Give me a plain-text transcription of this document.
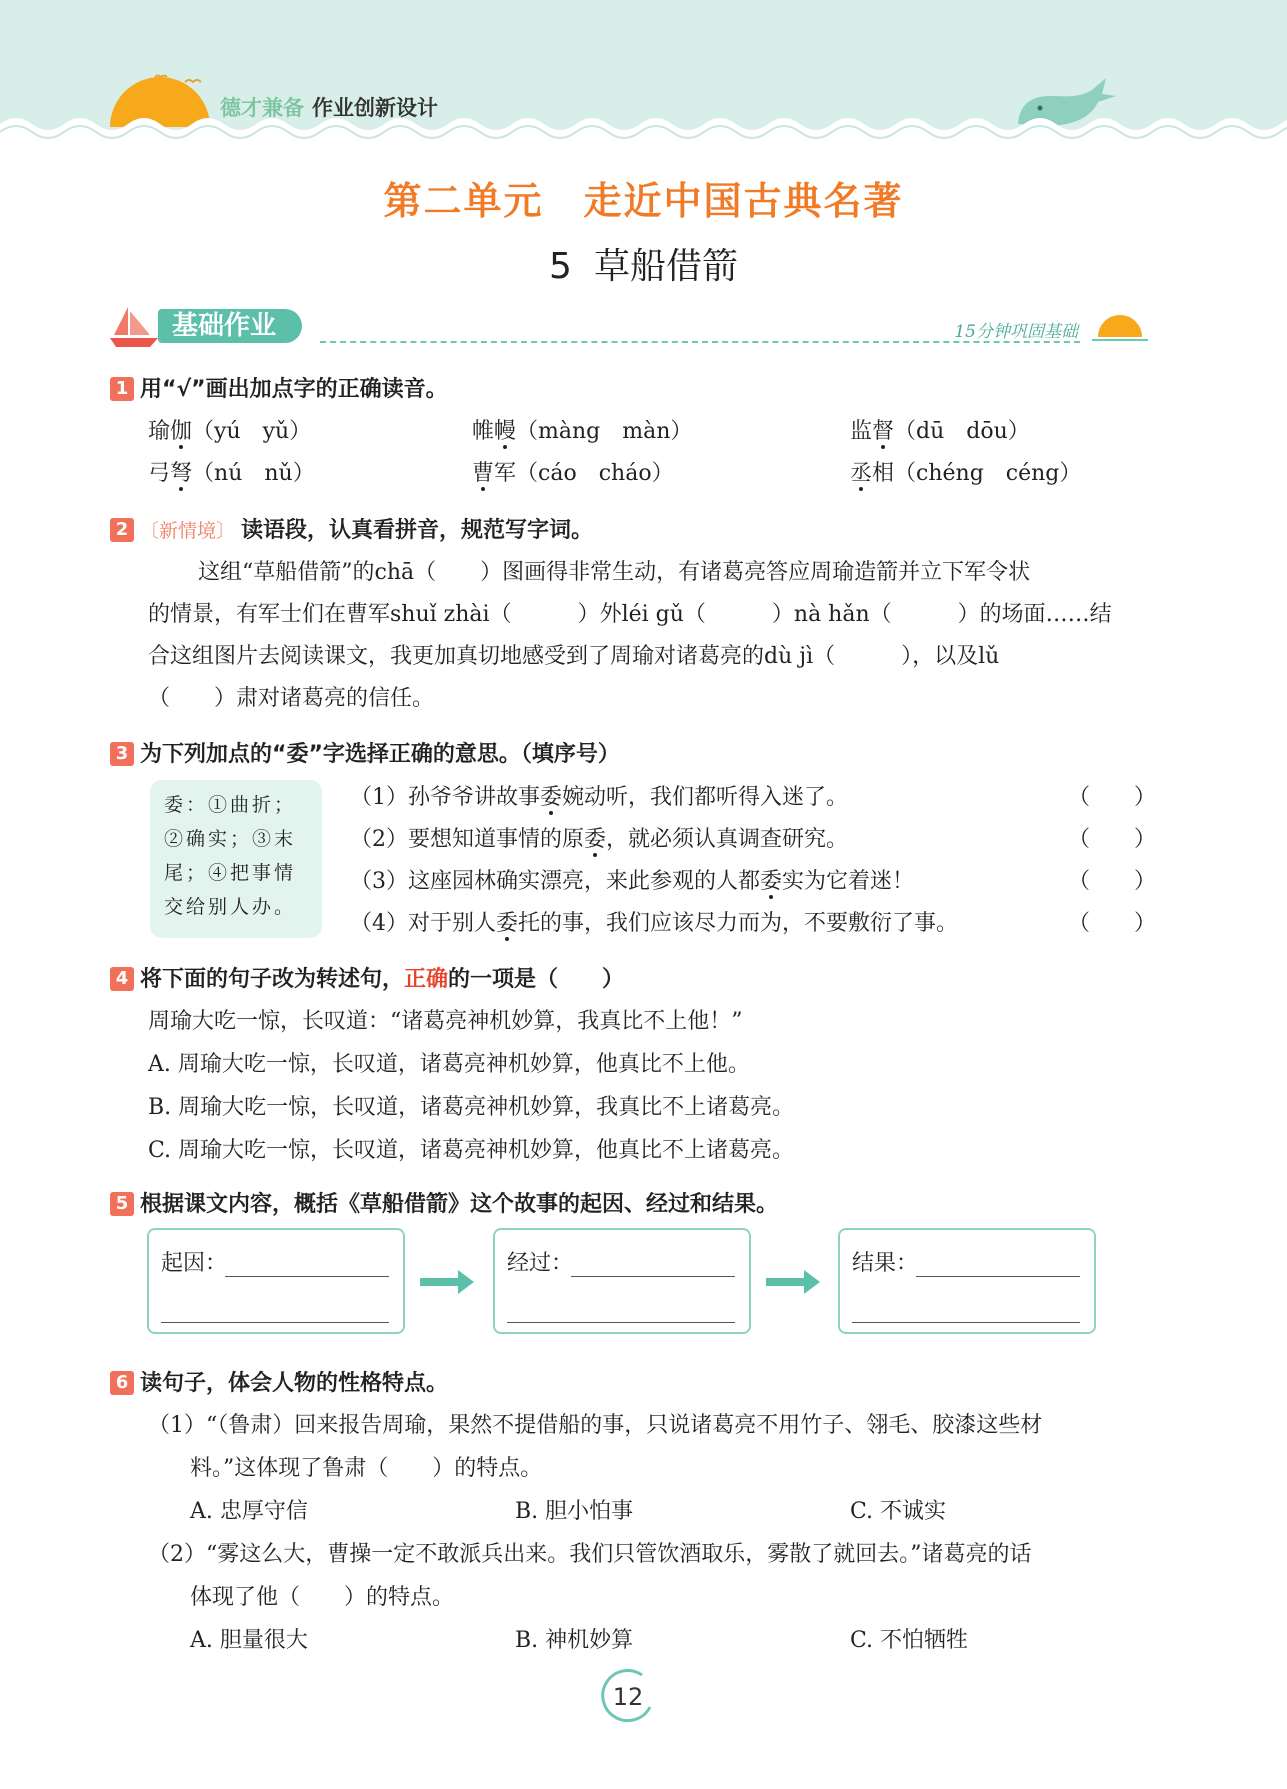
德才兼备 作业创新设计
第二单元 走近中国古典名著
5 草船借箭
基础作业	15分钟巩固基础
1 用“√”画出加点字的正确读音。
瑜伽（yú　yǔ）	帷幔（màng　màn）	监督（dū　dōu）
弓弩（nú　nǔ）	曹军（cáo　cháo）	丞相（chéng　céng）
2 〔新情境〕 读语段，认真看拼音，规范写字词。
这组“草船借箭”的chā（　　）图画得非常生动，有诸葛亮答应周瑜造箭并立下军令状
的情景，有军士们在曹军shuǐ zhài（　　　）外léi gǔ（　　　）nà hǎn（　　　）的场面……结
合这组图片去阅读课文，我更加真切地感受到了周瑜对诸葛亮的dù jì（　　　），以及lǔ
（　　）肃对诸葛亮的信任。
3 为下列加点的“委”字选择正确的意思。（填序号）
委：①曲折；
②确实；③末
尾；④把事情
交给别人办。
（1）孙爷爷讲故事委婉动听，我们都听得入迷了。	（　　）
（2）要想知道事情的原委，就必须认真调查研究。	（　　）
（3）这座园林确实漂亮，来此参观的人都委实为它着迷！	（　　）
（4）对于别人委托的事，我们应该尽力而为，不要敷衍了事。	（　　）
4 将下面的句子改为转述句，正确的一项是（　　）
周瑜大吃一惊，长叹道：“诸葛亮神机妙算，我真比不上他！”
A. 周瑜大吃一惊，长叹道，诸葛亮神机妙算，他真比不上他。
B. 周瑜大吃一惊，长叹道，诸葛亮神机妙算，我真比不上诸葛亮。
C. 周瑜大吃一惊，长叹道，诸葛亮神机妙算，他真比不上诸葛亮。
5 根据课文内容，概括《草船借箭》这个故事的起因、经过和结果。
起因：	经过：	结果：
6 读句子，体会人物的性格特点。
（1）“（鲁肃）回来报告周瑜，果然不提借船的事，只说诸葛亮不用竹子、翎毛、胶漆这些材
料。”这体现了鲁肃（　　）的特点。
A. 忠厚守信	B. 胆小怕事	C. 不诚实
（2）“雾这么大，曹操一定不敢派兵出来。我们只管饮酒取乐，雾散了就回去。”诸葛亮的话
体现了他（　　）的特点。
A. 胆量很大	B. 神机妙算	C. 不怕牺牲
12
